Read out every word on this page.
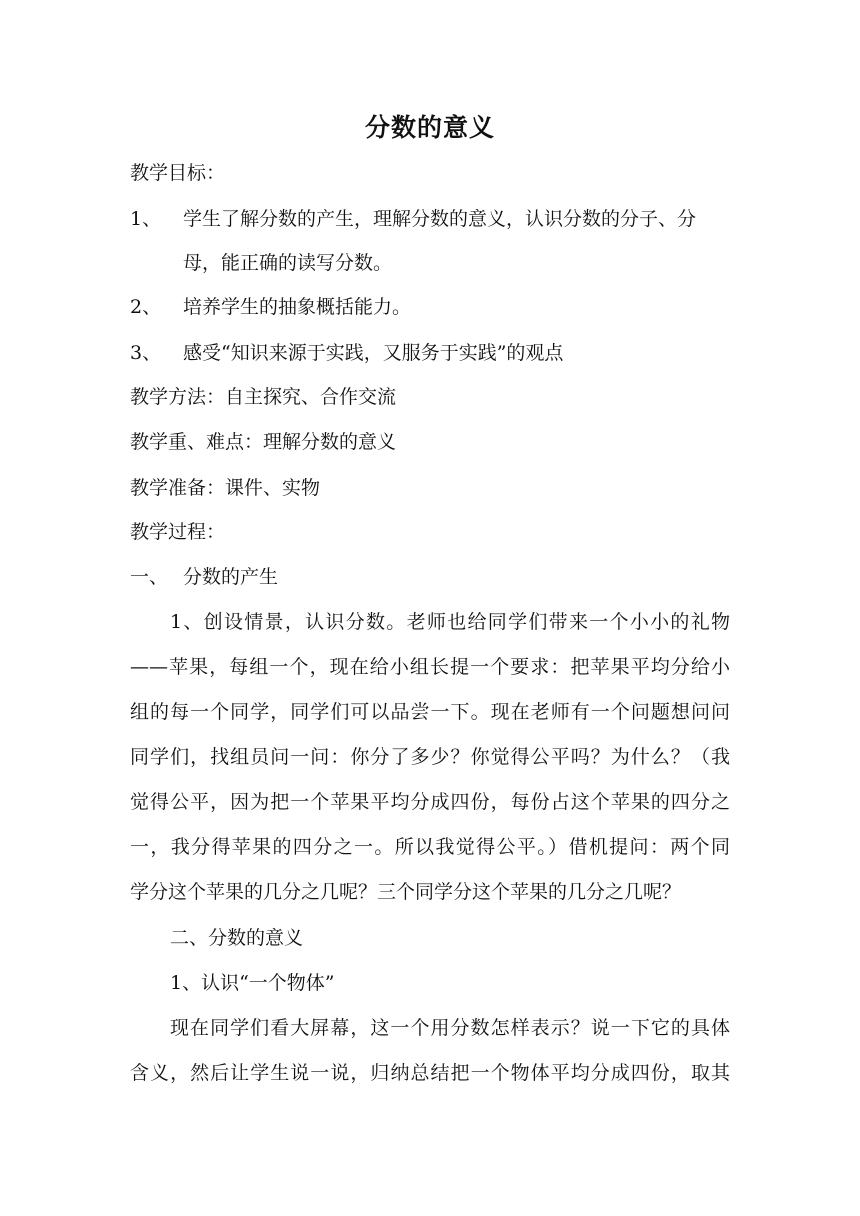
分数的意义
教学目标：
1、 学生了解分数的产生，理解分数的意义，认识分数的分子、分
母，能正确的读写分数。
2、 培养学生的抽象概括能力。
3、 感受“知识来源于实践，又服务于实践”的观点
教学方法：自主探究、合作交流
教学重、难点：理解分数的意义
教学准备：课件、实物
教学过程：
一、 分数的产生
1、创设情景，认识分数。老师也给同学们带来一个小小的礼物
——苹果，每组一个，现在给小组长提一个要求：把苹果平均分给小
组的每一个同学，同学们可以品尝一下。现在老师有一个问题想问问
同学们，找组员问一问：你分了多少？你觉得公平吗？为什么？（我
觉得公平，因为把一个苹果平均分成四份，每份占这个苹果的四分之
一，我分得苹果的四分之一。所以我觉得公平。）借机提问：两个同
学分这个苹果的几分之几呢？三个同学分这个苹果的几分之几呢？
二、分数的意义
1、认识“一个物体”
现在同学们看大屏幕，这一个用分数怎样表示？说一下它的具体
含义，然后让学生说一说，归纳总结把一个物体平均分成四份，取其
